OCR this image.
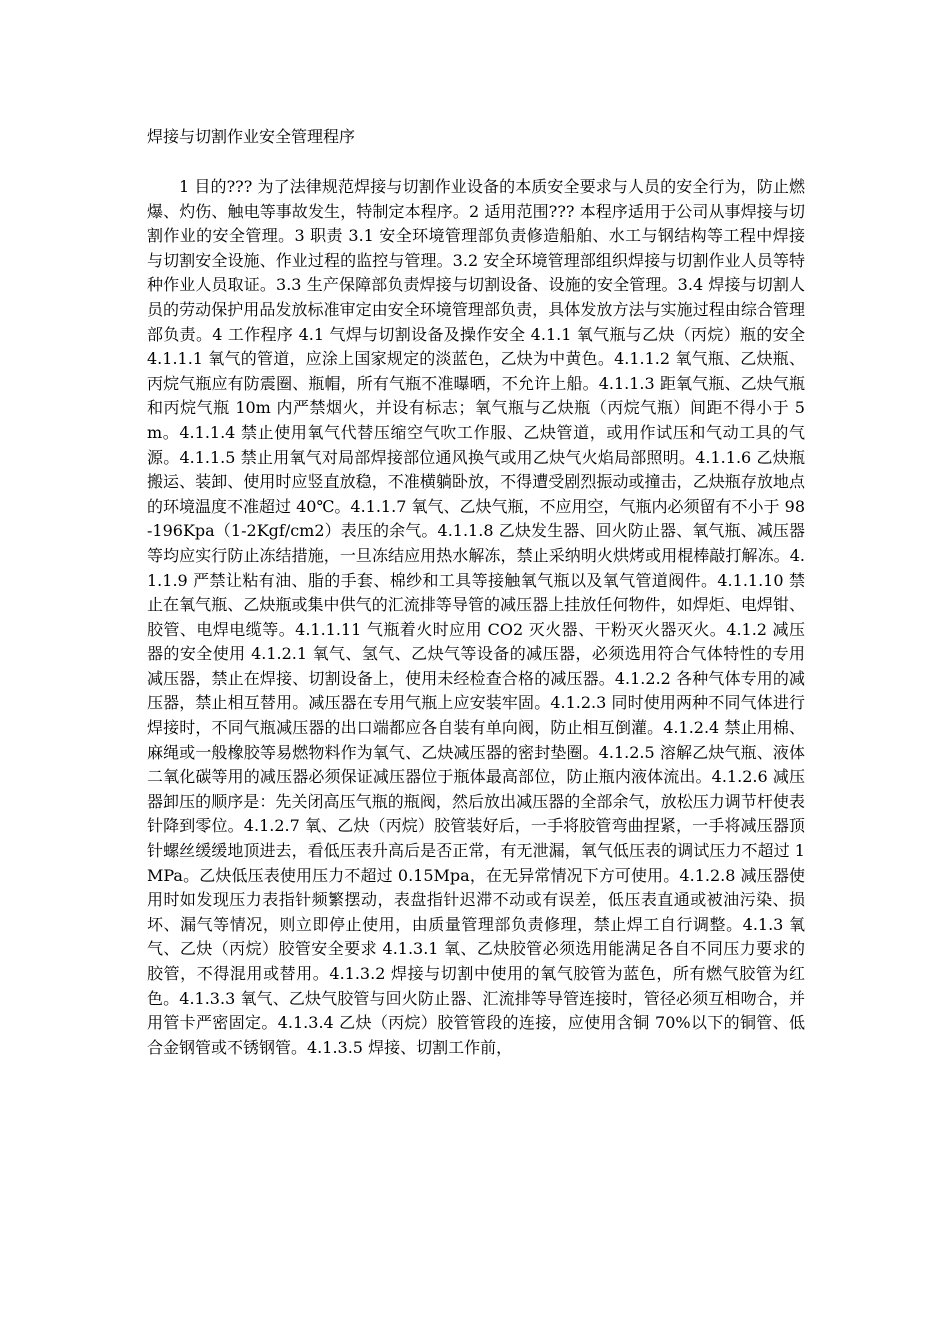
焊接与切割作业安全管理程序

1 目的??? 为了法律规范焊接与切割作业设备的本质安全要求与人员的安全行为，防止燃爆、灼伤、触电等事故发生，特制定本程序。2 适用范围??? 本程序适用于公司从事焊接与切割作业的安全管理。3 职责 3.1 安全环境管理部负责修造船舶、水工与钢结构等工程中焊接与切割安全设施、作业过程的监控与管理。3.2 安全环境管理部组织焊接与切割作业人员等特种作业人员取证。3.3 生产保障部负责焊接与切割设备、设施的安全管理。3.4 焊接与切割人员的劳动保护用品发放标准审定由安全环境管理部负责，具体发放方法与实施过程由综合管理部负责。4 工作程序 4.1 气焊与切割设备及操作安全 4.1.1 氧气瓶与乙炔（丙烷）瓶的安全 4.1.1.1 氧气的管道，应涂上国家规定的淡蓝色，乙炔为中黄色。4.1.1.2 氧气瓶、乙炔瓶、丙烷气瓶应有防震圈、瓶帽，所有气瓶不准曝晒，不允许上船。4.1.1.3 距氧气瓶、乙炔气瓶和丙烷气瓶 10m 内严禁烟火，并设有标志；氧气瓶与乙炔瓶（丙烷气瓶）间距不得小于 5m。4.1.1.4 禁止使用氧气代替压缩空气吹工作服、乙炔管道，或用作试压和气动工具的气源。4.1.1.5 禁止用氧气对局部焊接部位通风换气或用乙炔气火焰局部照明。4.1.1.6 乙炔瓶搬运、装卸、使用时应竖直放稳，不准横躺卧放，不得遭受剧烈振动或撞击，乙炔瓶存放地点的环境温度不准超过 40℃。4.1.1.7 氧气、乙炔气瓶，不应用空，气瓶内必须留有不小于 98-196Kpa（1-2Kgf/cm2）表压的余气。4.1.1.8 乙炔发生器、回火防止器、氧气瓶、减压器等均应实行防止冻结措施，一旦冻结应用热水解冻，禁止采纳明火烘烤或用棍棒敲打解冻。4.1.1.9 严禁让粘有油、脂的手套、棉纱和工具等接触氧气瓶以及氧气管道阀件。4.1.1.10 禁止在氧气瓶、乙炔瓶或集中供气的汇流排等导管的减压器上挂放任何物件，如焊炬、电焊钳、胶管、电焊电缆等。4.1.1.11 气瓶着火时应用 CO2 灭火器、干粉灭火器灭火。4.1.2 减压器的安全使用 4.1.2.1 氧气、氢气、乙炔气等设备的减压器，必须选用符合气体特性的专用减压器，禁止在焊接、切割设备上，使用未经检查合格的减压器。4.1.2.2 各种气体专用的减压器，禁止相互替用。减压器在专用气瓶上应安装牢固。4.1.2.3 同时使用两种不同气体进行焊接时，不同气瓶减压器的出口端都应各自装有单向阀，防止相互倒灌。4.1.2.4 禁止用棉、麻绳或一般橡胶等易燃物料作为氧气、乙炔减压器的密封垫圈。4.1.2.5 溶解乙炔气瓶、液体二氧化碳等用的减压器必须保证减压器位于瓶体最高部位，防止瓶内液体流出。4.1.2.6 减压器卸压的顺序是：先关闭高压气瓶的瓶阀，然后放出减压器的全部余气，放松压力调节杆使表针降到零位。4.1.2.7 氧、乙炔（丙烷）胶管装好后，一手将胶管弯曲捏紧，一手将减压器顶针螺丝缓缓地顶进去，看低压表升高后是否正常，有无泄漏，氧气低压表的调试压力不超过 1MPa。乙炔低压表使用压力不超过 0.15Mpa，在无异常情况下方可使用。4.1.2.8 减压器使用时如发现压力表指针频繁摆动，表盘指针迟滞不动或有误差，低压表直通或被油污染、损坏、漏气等情况，则立即停止使用，由质量管理部负责修理，禁止焊工自行调整。4.1.3 氧气、乙炔（丙烷）胶管安全要求 4.1.3.1 氧、乙炔胶管必须选用能满足各自不同压力要求的胶管，不得混用或替用。4.1.3.2 焊接与切割中使用的氧气胶管为蓝色，所有燃气胶管为红色。4.1.3.3 氧气、乙炔气胶管与回火防止器、汇流排等导管连接时，管径必须互相吻合，并用管卡严密固定。4.1.3.4 乙炔（丙烷）胶管管段的连接，应使用含铜 70%以下的铜管、低合金钢管或不锈钢管。4.1.3.5 焊接、切割工作前，
